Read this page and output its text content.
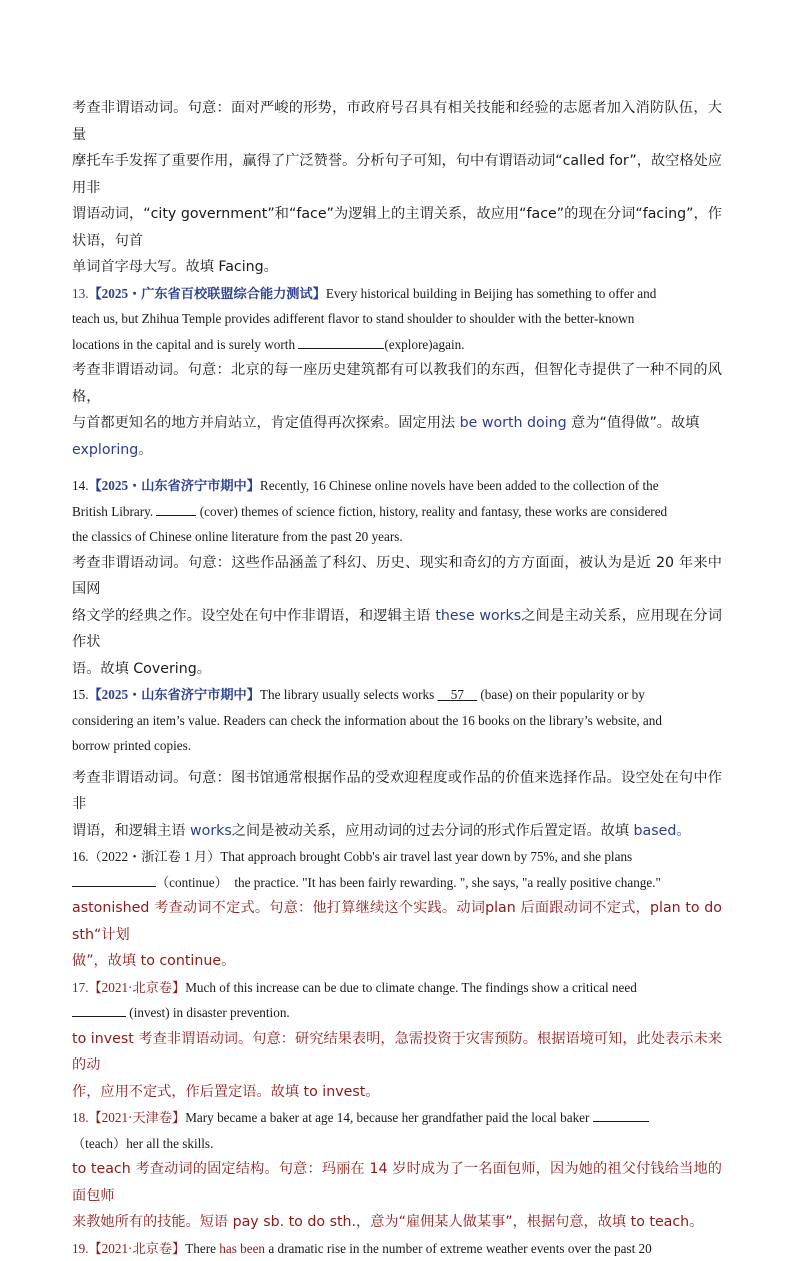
考查非谓语动词。句意：面对严峻的形势，市政府号召具有相关技能和经验的志愿者加入消防队伍，大量
摩托车手发挥了重要作用，赢得了广泛赞誉。分析句子可知，句中有谓语动词“called for”，故空格处应用非
谓语动词，“city government”和“face”为逻辑上的主谓关系，故应用“face”的现在分词“facing”，作状语，句首
单词首字母大写。故填 Facing。
13.【2025・广东省百校联盟综合能力测试】Every historical building in Beijing has something to offer and
teach us, but Zhihua Temple provides adifferent flavor to stand shoulder to shoulder with the better-known
locations in the capital and is surely worth	(explore)again.
考查非谓语动词。句意：北京的每一座历史建筑都有可以教我们的东西，但智化寺提供了一种不同的风格，
与首都更知名的地方并肩站立，肯定值得再次探索。固定用法 be worth doing 意为“值得做”。故填
exploring。
14.【2025・山东省济宁市期中】Recently, 16 Chinese online novels have been added to the collection of the
British Library.	(cover) themes of science fiction, history, reality and fantasy, these works are considered
the classics of Chinese online literature from the past 20 years.
考查非谓语动词。句意：这些作品涵盖了科幻、历史、现实和奇幻的方方面面，被认为是近 20 年来中国网
络文学的经典之作。设空处在句中作非谓语，和逻辑主语 these works之间是主动关系，应用现在分词作状
语。故填 Covering。
15.【2025・山东省济宁市期中】The library usually selects works 57 (base) on their popularity or by
considering an item’s value. Readers can check the information about the 16 books on the library’s website, and
borrow printed copies.
考查非谓语动词。句意：图书馆通常根据作品的受欢迎程度或作品的价值来选择作品。设空处在句中作非
谓语，和逻辑主语 works之间是被动关系，应用动词的过去分词的形式作后置定语。故填 based。
16.（2022・浙江卷 1 月）That approach brought Cobb's air travel last year down by 75%, and she plans
（continue） the practice. "It has been fairly rewarding. ", she says, "a really positive change."
astonished 考查动词不定式。句意：他打算继续这个实践。动词plan 后面跟动词不定式，plan to do sth“计划
做”，故填 to continue。
17.【2021·北京卷】Much of this increase can be due to climate change. The findings show a critical need
(invest) in disaster prevention.
to invest 考查非谓语动词。句意：研究结果表明，急需投资于灾害预防。根据语境可知，此处表示未来的动
作，应用不定式，作后置定语。故填 to invest。
18.【2021·天津卷】Mary became a baker at age 14, because her grandfather paid the local baker
（teach）her all the skills.
to teach 考查动词的固定结构。句意：玛丽在 14 岁时成为了一名面包师，因为她的祖父付钱给当地的面包师
来教她所有的技能。短语 pay sb. to do sth.，意为“雇佣某人做某事”，根据句意，故填 to teach。
19.【2021·北京卷】There has been a dramatic rise in the number of extreme weather events over the past 20
